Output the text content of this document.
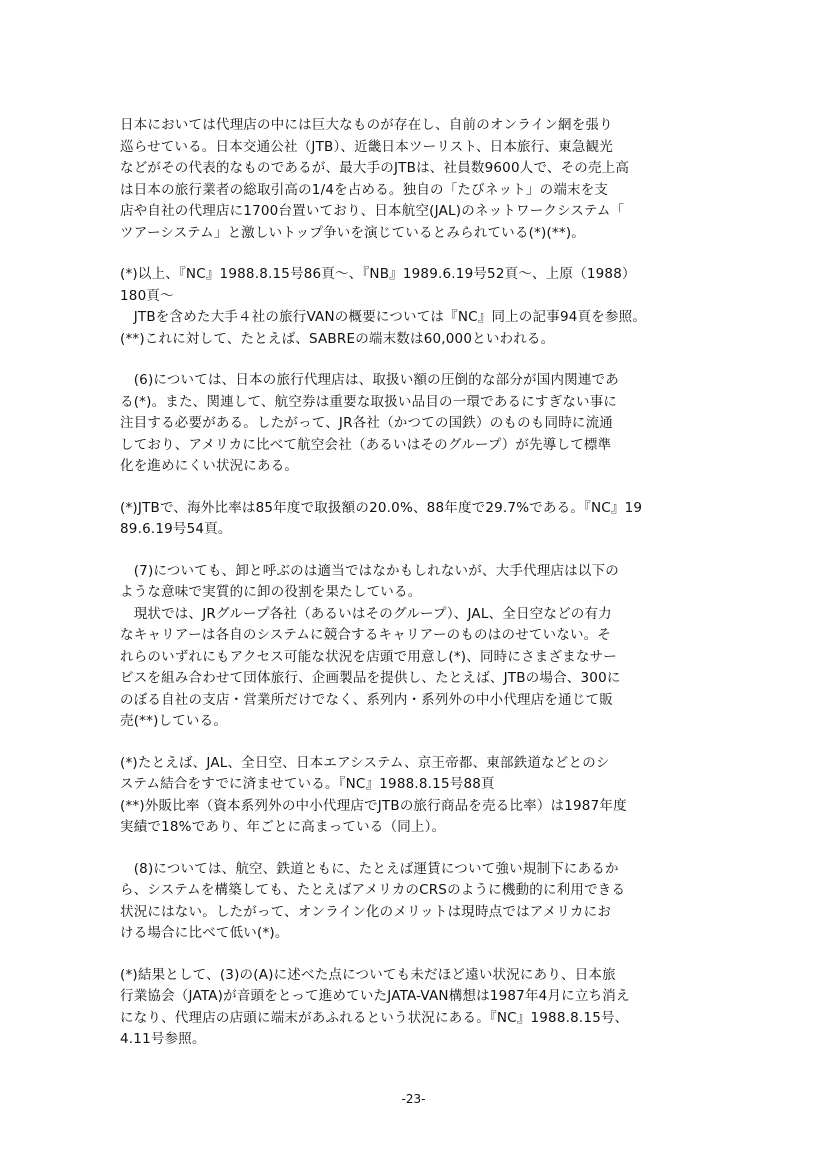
日本においては代理店の中には巨大なものが存在し、自前のオンライン網を張り

巡らせている。日本交通公社（JTB）、近畿日本ツーリスト、日本旅行、東急観光

などがその代表的なものであるが、最大手のJTBは、社員数9600人で、その売上高

は日本の旅行業者の総取引高の1/4を占める。独自の「たびネット」の端末を支

店や自社の代理店に1700台置いており、日本航空(JAL)のネットワークシステム「

ツアーシステム」と激しいトップ争いを演じているとみられている(*)(**)。

(*)以上、『NC』1988.8.15号86頁～、『NB』1989.6.19号52頁～、上原（1988）

180頁～

　JTBを含めた大手４社の旅行VANの概要については『NC』同上の記事94頁を参照。

(**)これに対して、たとえば、SABREの端末数は60,000といわれる。

　(6)については、日本の旅行代理店は、取扱い額の圧倒的な部分が国内関連であ

る(*)。また、関連して、航空券は重要な取扱い品目の一環であるにすぎない事に

注目する必要がある。したがって、JR各社（かつての国鉄）のものも同時に流通

しており、アメリカに比べて航空会社（あるいはそのグループ）が先導して標準

化を進めにくい状況にある。

(*)JTBで、海外比率は85年度で取扱額の20.0%、88年度で29.7%である。『NC』19

89.6.19号54頁。

　(7)についても、卸と呼ぶのは適当ではなかもしれないが、大手代理店は以下の

ような意味で実質的に卸の役割を果たしている。

　現状では、JRグループ各社（あるいはそのグループ）、JAL、全日空などの有力

なキャリアーは各自のシステムに競合するキャリアーのものはのせていない。そ

れらのいずれにもアクセス可能な状況を店頭で用意し(*)、同時にさまざまなサー

ビスを組み合わせて団体旅行、企画製品を提供し、たとえば、JTBの場合、300に

のぼる自社の支店・営業所だけでなく、系列内・系列外の中小代理店を通じて販

売(**)している。

(*)たとえば、JAL、全日空、日本エアシステム、京王帝都、東部鉄道などとのシ

ステム結合をすでに済ませている。『NC』1988.8.15号88頁

(**)外販比率（資本系列外の中小代理店でJTBの旅行商品を売る比率）は1987年度

実績で18%であり、年ごとに高まっている（同上）。

　(8)については、航空、鉄道ともに、たとえば運賃について強い規制下にあるか

ら、システムを構築しても、たとえばアメリカのCRSのように機動的に利用できる

状況にはない。したがって、オンライン化のメリットは現時点ではアメリカにお

ける場合に比べて低い(*)。

(*)結果として、(3)の(A)に述べた点についても未だほど遠い状況にあり、日本旅

行業協会（JATA)が音頭をとって進めていたJATA-VAN構想は1987年4月に立ち消え

になり、代理店の店頭に端末があふれるという状況にある。『NC』1988.8.15号、

4.11号参照。

-23-
